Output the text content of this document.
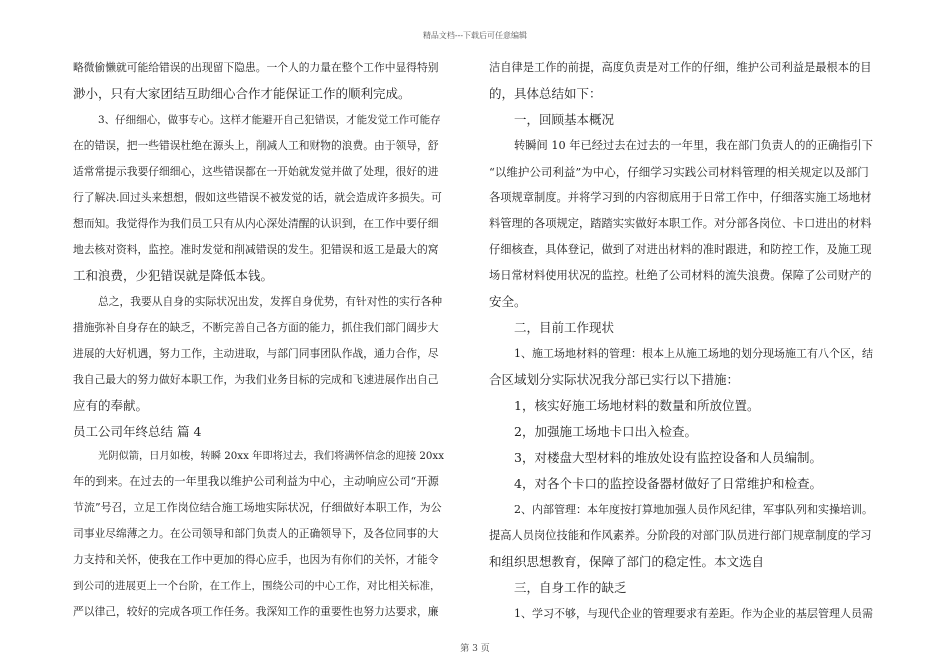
精品文档---下载后可任意编辑
略微偷懒就可能给错误的出现留下隐患。一个人的力量在整个工作中显得特别
渺小，只有大家团结互助细心合作才能保证工作的顺利完成。
3、仔细细心，做事专心。这样才能避开自己犯错误，才能发觉工作可能存
在的错误，把一些错误杜绝在源头上，削减人工和财物的浪费。由于领导，舒
适常常提示我要仔细细心，这些错误都在一开始就发觉并做了处理，很好的进
行了解决.回过头来想想，假如这些错误不被发觉的话，就会造成许多损失。可
想而知。我觉得作为我们员工只有从内心深处清醒的认识到，在工作中要仔细
地去核对资料，监控。准时发觉和削减错误的发生。犯错误和返工是最大的窝
工和浪费，少犯错误就是降低本钱。
总之，我要从自身的实际状况出发，发挥自身优势，有针对性的实行各种
措施弥补自身存在的缺乏，不断完善自己各方面的能力，抓住我们部门阔步大
进展的大好机遇，努力工作，主动进取，与部门同事团队作战，通力合作，尽
我自己最大的努力做好本职工作，为我们业务目标的完成和飞速进展作出自己
应有的奉献。
员工公司年终总结 篇 4
光阴似箭，日月如梭，转瞬 20xx 年即将过去，我们将满怀信念的迎接 20xx
年的到来。在过去的一年里我以维护公司利益为中心，主动响应公司“开源
节流”号召，立足工作岗位结合施工场地实际状况，仔细做好本职工作，为公
司事业尽绵薄之力。在公司领导和部门负责人的正确领导下，及各位同事的大
力支持和关怀，使我在工作中更加的得心应手，也因为有你们的关怀，才能令
到公司的进展更上一个台阶，在工作上，围绕公司的中心工作，对比相关标准，
严以律己，较好的完成各项工作任务。我深知工作的重要性也努力达要求，廉
洁自律是工作的前提，高度负责是对工作的仔细，维护公司利益是最根本的目
的，具体总结如下：
一，回顾基本概况
转瞬间 10 年已经过去在过去的一年里，我在部门负责人的的正确指引下
“以维护公司利益”为中心，仔细学习实践公司材料管理的相关规定以及部门
各项规章制度。并将学习到的内容彻底用于日常工作中，仔细落实施工场地材
料管理的各项规定，踏踏实实做好本职工作。对分部各岗位、卡口进出的材料
仔细核查，具体登记，做到了对进出材料的准时跟进，和防控工作，及施工现
场日常材料使用状况的监控。杜绝了公司材料的流失浪费。保障了公司财产的
安全。
二，目前工作现状
1、施工场地材料的管理：根本上从施工场地的划分现场施工有八个区，结
合区域划分实际状况我分部已实行以下措施：
1，核实好施工场地材料的数量和所放位置。
2，加强施工场地卡口出入检查。
3，对楼盘大型材料的堆放处设有监控设备和人员编制。
4，对各个卡口的监控设备器材做好了日常维护和检查。
2、内部管理：本年度按打算地加强人员作风纪律，军事队列和实操培训。
提高人员岗位技能和作风素养。分阶段的对部门队员进行部门规章制度的学习
和组织思想教育，保障了部门的稳定性。本文选自
三，自身工作的缺乏
1、学习不够，与现代企业的管理要求有差距。作为企业的基层管理人员需
第 3 页
